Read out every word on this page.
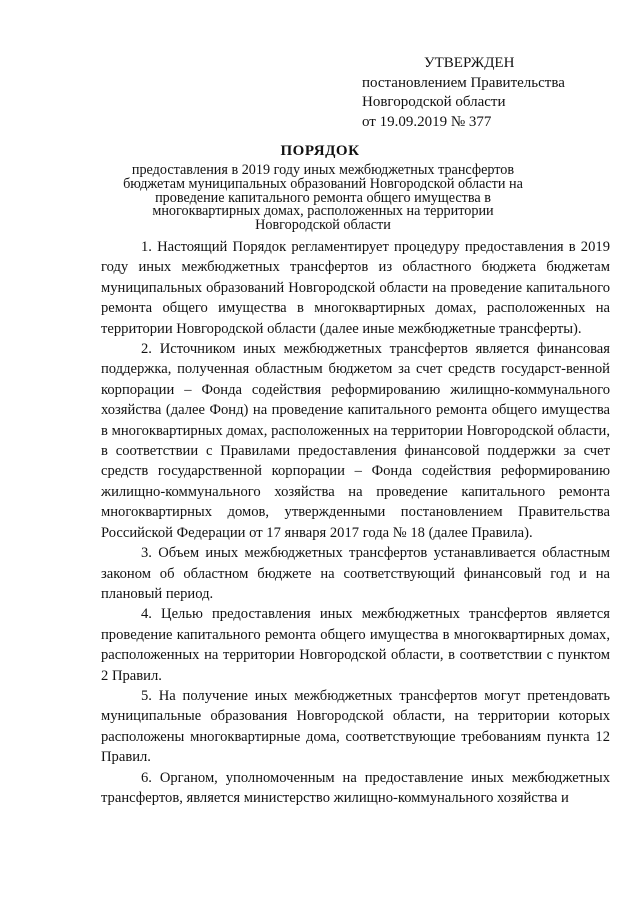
УТВЕРЖДЕН
постановлением Правительства
Новгородской области
от 19.09.2019 № 377
ПОРЯДОК
предоставления в 2019 году иных межбюджетных трансфертов бюджетам муниципальных образований Новгородской области на проведение капитального ремонта общего имущества в многоквартирных домах, расположенных на территории Новгородской области

1. Настоящий Порядок регламентирует процедуру предоставления в 2019 году иных межбюджетных трансфертов из областного бюджета бюджетам муниципальных образований Новгородской области на проведение капитального ремонта общего имущества в многоквартирных домах, расположенных на территории Новгородской области (далее иные межбюджетные трансферты).

2. Источником иных межбюджетных трансфертов является финансовая поддержка, полученная областным бюджетом за счет средств государст-венной корпорации – Фонда содействия реформированию жилищно-коммунального хозяйства (далее Фонд) на проведение капитального ремонта общего имущества в многоквартирных домах, расположенных на территории Новгородской области, в соответствии с Правилами предоставления финансовой поддержки за счет средств государственной корпорации – Фонда содействия реформированию жилищно-коммунального хозяйства на проведение капитального ремонта многоквартирных домов, утвержденными постановлением Правительства Российской Федерации от 17 января 2017 года № 18 (далее Правила).

3. Объем иных межбюджетных трансфертов устанавливается областным законом об областном бюджете на соответствующий финансовый год и на плановый период.

4. Целью предоставления иных межбюджетных трансфертов является проведение капитального ремонта общего имущества в многоквартирных домах, расположенных на территории Новгородской области, в соответствии с пунктом 2 Правил.

5. На получение иных межбюджетных трансфертов могут претендовать муниципальные образования Новгородской области, на территории которых расположены многоквартирные дома, соответствующие требованиям пункта 12 Правил.

6. Органом, уполномоченным на предоставление иных межбюджетных трансфертов, является министерство жилищно-коммунального хозяйства и
